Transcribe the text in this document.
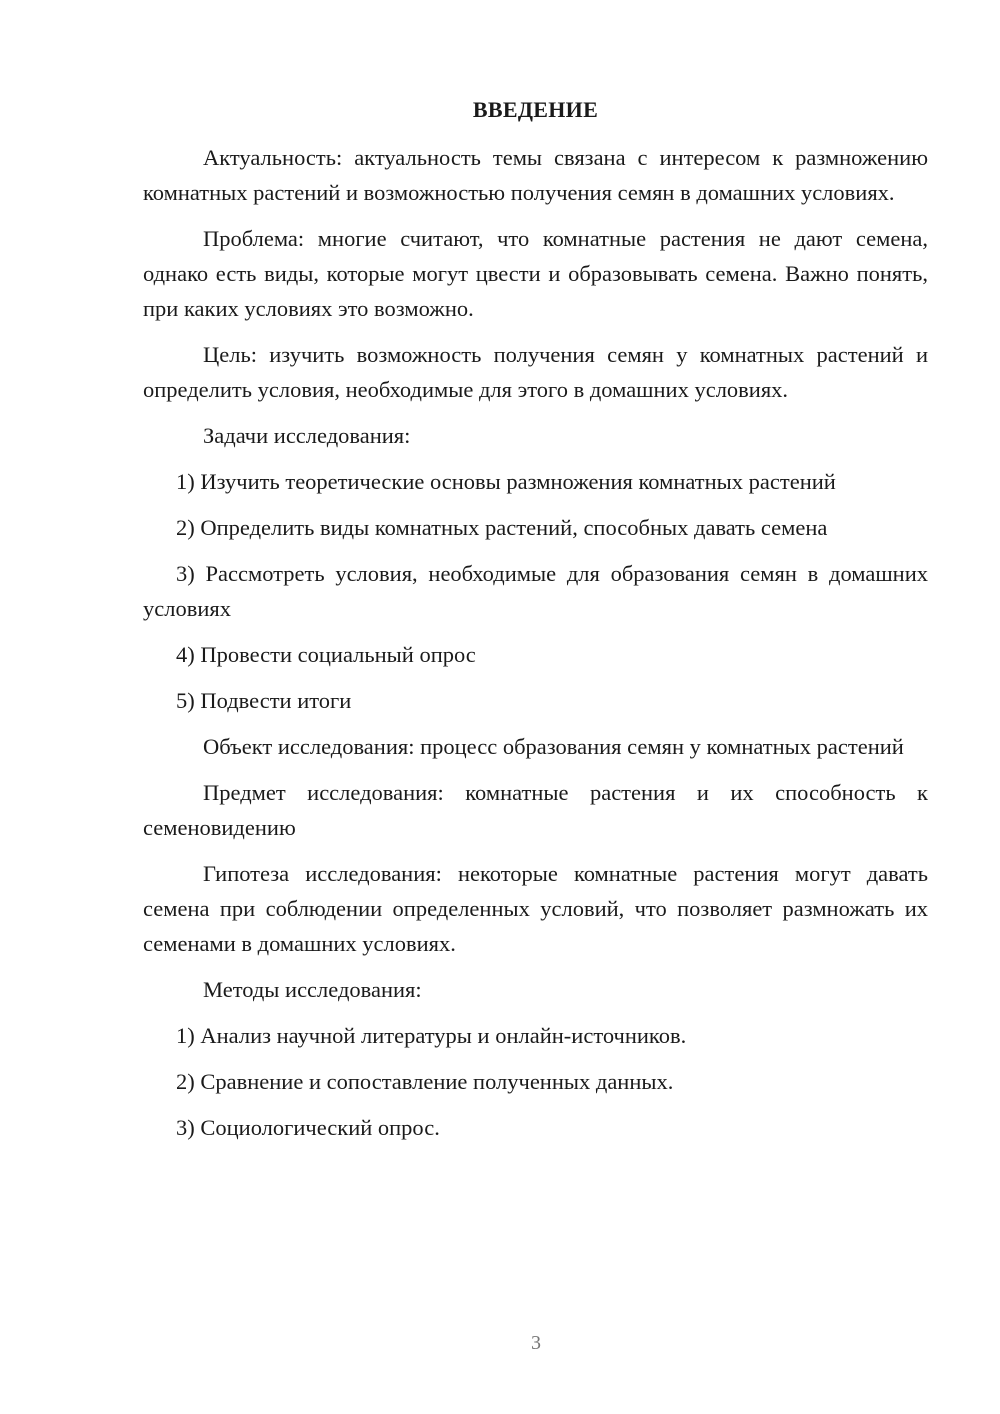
ВВЕДЕНИЕ

Актуальность: актуальность темы связана с интересом к размножению комнатных растений и возможностью получения семян в домашних условиях.

Проблема: многие считают, что комнатные растения не дают семена, однако есть виды, которые могут цвести и образовывать семена. Важно понять, при каких условиях это возможно.

Цель: изучить возможность получения семян у комнатных растений и определить условия, необходимые для этого в домашних условиях.

Задачи исследования:

1) Изучить теоретические основы размножения комнатных растений

2) Определить виды комнатных растений, способных давать семена

3) Рассмотреть условия, необходимые для образования семян в домашних условиях

4) Провести социальный опрос

5) Подвести итоги

Объект исследования: процесс образования семян у комнатных растений

Предмет исследования: комнатные растения и их способность к семеновидению

Гипотеза исследования: некоторые комнатные растения могут давать семена при соблюдении определенных условий, что позволяет размножать их семенами в домашних условиях.

Методы исследования:

1) Анализ научной литературы и онлайн-источников.

2) Сравнение и сопоставление полученных данных.

3) Социологический опрос.

3
